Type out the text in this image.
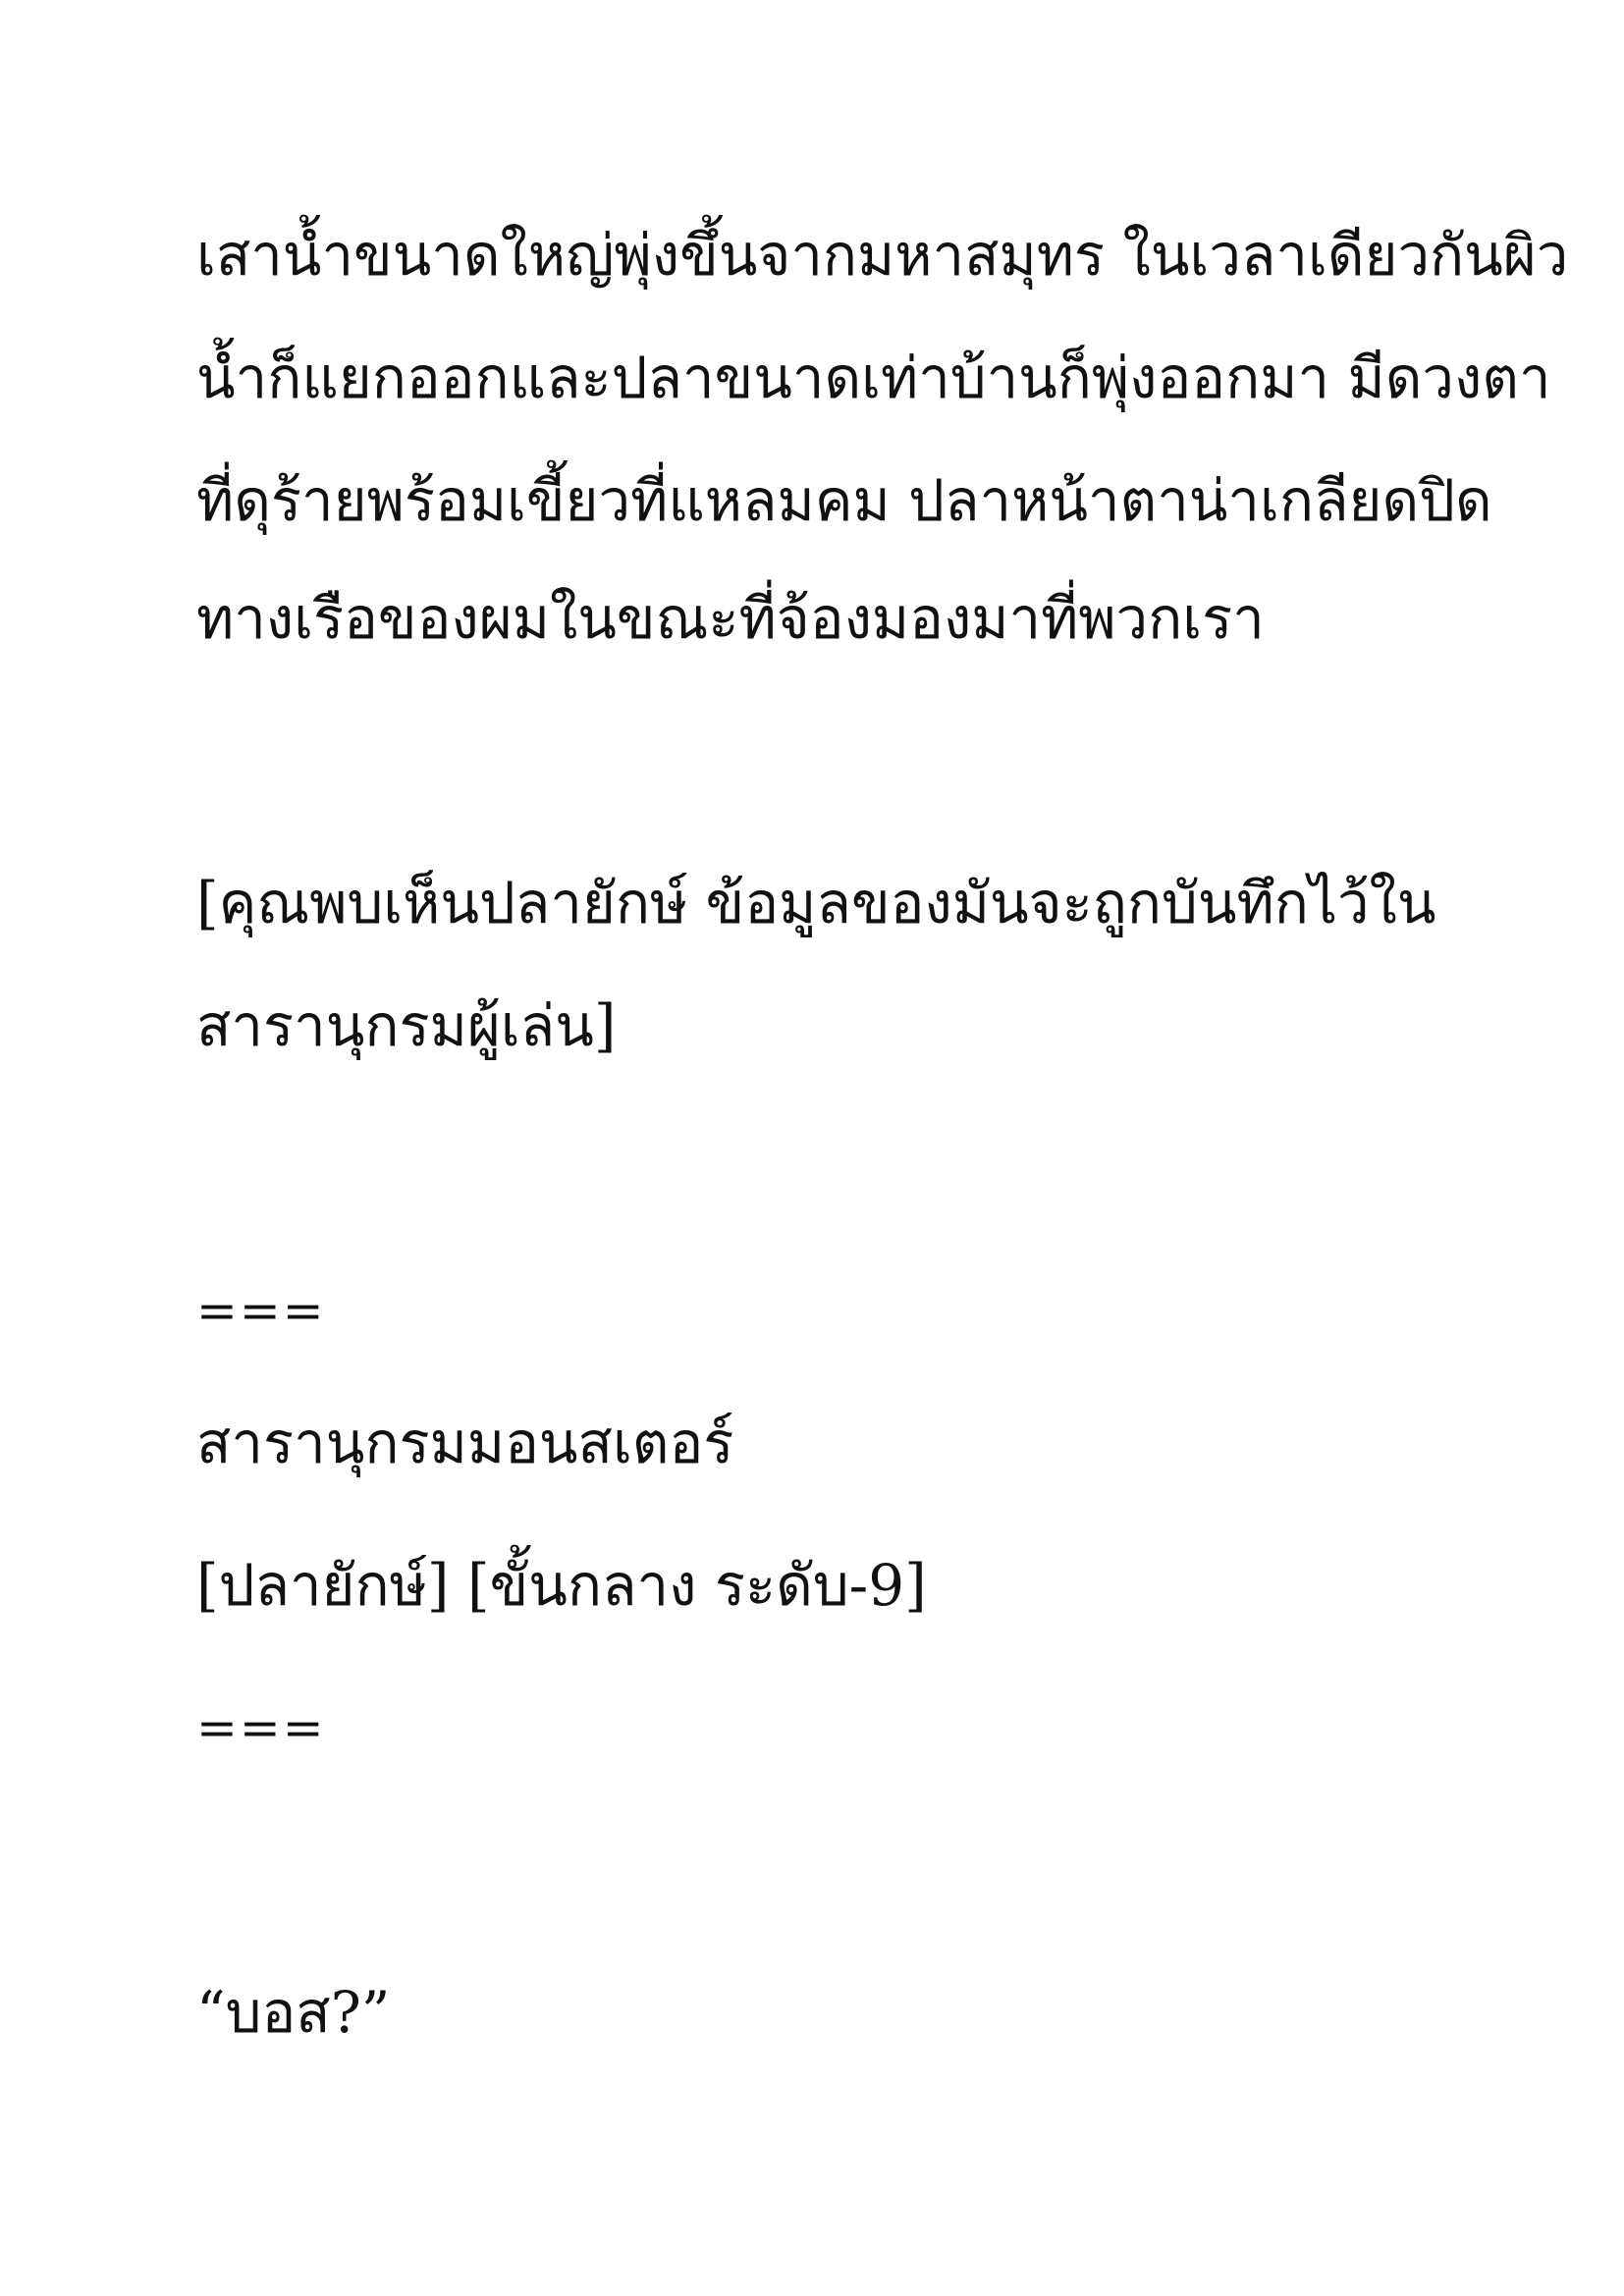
เสาน้ำขนาดใหญ่พุ่งขึ้นจากมหาสมุทร ในเวลาเดียวกันผิว

น้ำก็แยกออกและปลาขนาดเท่าบ้านก็พุ่งออกมา มีดวงตา

ที่ดุร้ายพร้อมเขี้ยวที่แหลมคม ปลาหน้าตาน่าเกลียดปิด

ทางเรือของผมในขณะที่จ้องมองมาที่พวกเรา

[คุณพบเห็นปลายักษ์ ข้อมูลของมันจะถูกบันทึกไว้ใน

สารานุกรมผู้เล่น]

===

สารานุกรมมอนสเตอร์

[ปลายักษ์] [ขั้นกลาง ระดับ-9]

===

“บอส?”
